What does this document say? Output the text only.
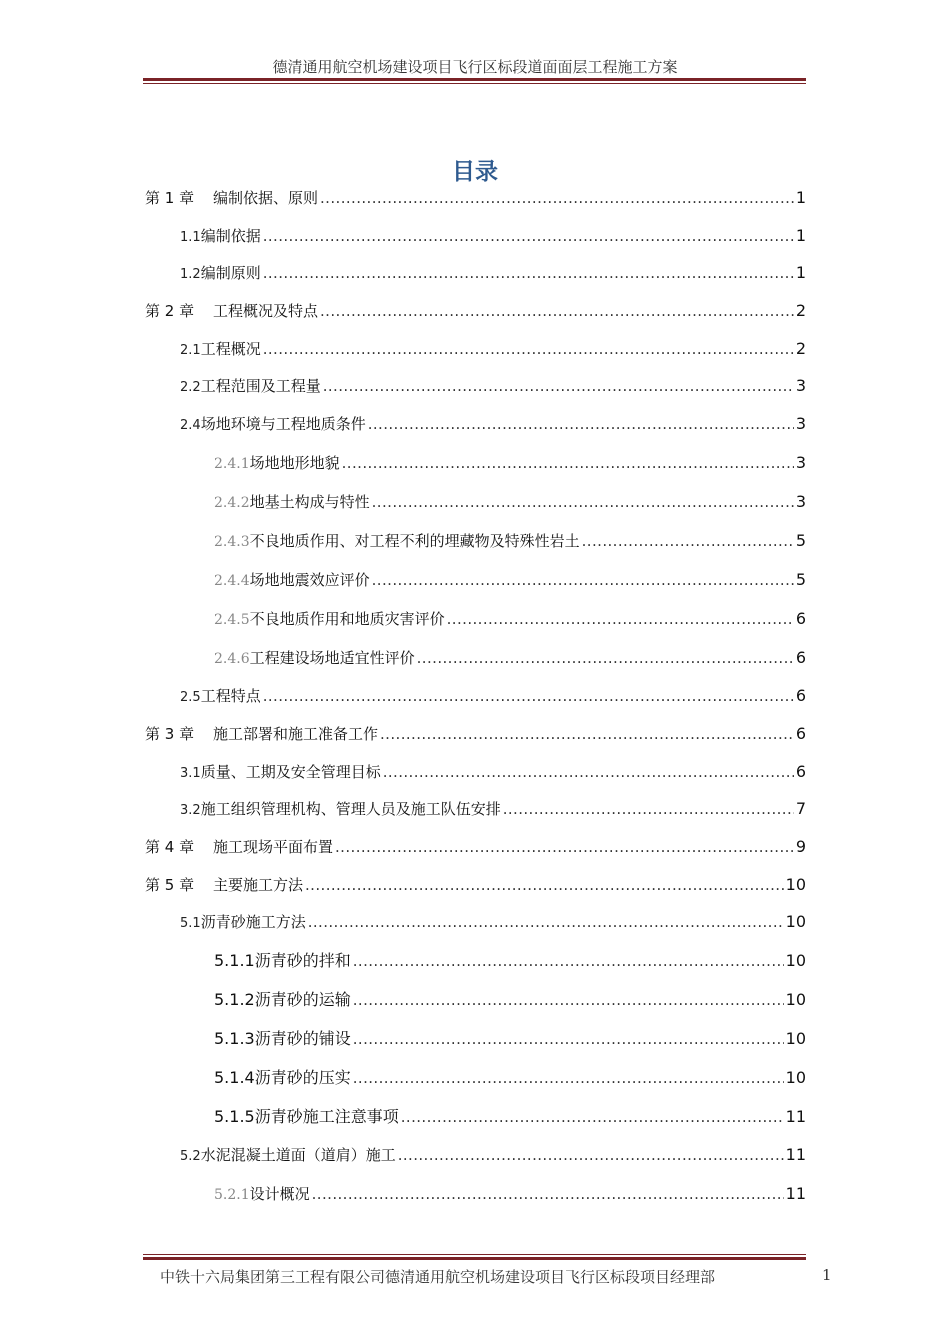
德清通用航空机场建设项目飞行区标段道面面层工程施工方案
目录
第 1 章	编制依据、原则 .....	1
1.1 编制依据 .....	1
1.2 编制原则 .....	1
第 2 章	工程概况及特点 .....	2
2.1 工程概况 .....	2
2.2 工程范围及工程量 .....	3
2.4 场地环境与工程地质条件 .....	3
2.4.1 场地地形地貌 .....	3
2.4.2 地基土构成与特性 .....	3
2.4.3 不良地质作用、对工程不利的埋藏物及特殊性岩土 .....	5
2.4.4 场地地震效应评价 .....	5
2.4.5 不良地质作用和地质灾害评价 .....	6
2.4.6 工程建设场地适宜性评价 .....	6
2.5 工程特点 .....	6
第 3 章	施工部署和施工准备工作 .....	6
3.1 质量、工期及安全管理目标 .....	6
3.2 施工组织管理机构、管理人员及施工队伍安排 .....	7
第 4 章	施工现场平面布置 .....	9
第 5 章	主要施工方法 .....	10
5.1 沥青砂施工方法 .....	10
5.1.1 沥青砂的拌和 .....	10
5.1.2 沥青砂的运输 .....	10
5.1.3 沥青砂的铺设 .....	10
5.1.4 沥青砂的压实 .....	10
5.1.5 沥青砂施工注意事项 .....	11
5.2 水泥混凝土道面（道肩）施工 .....	11
5.2.1 设计概况 .....	11
中铁十六局集团第三工程有限公司德清通用航空机场建设项目飞行区标段项目经理部	1
